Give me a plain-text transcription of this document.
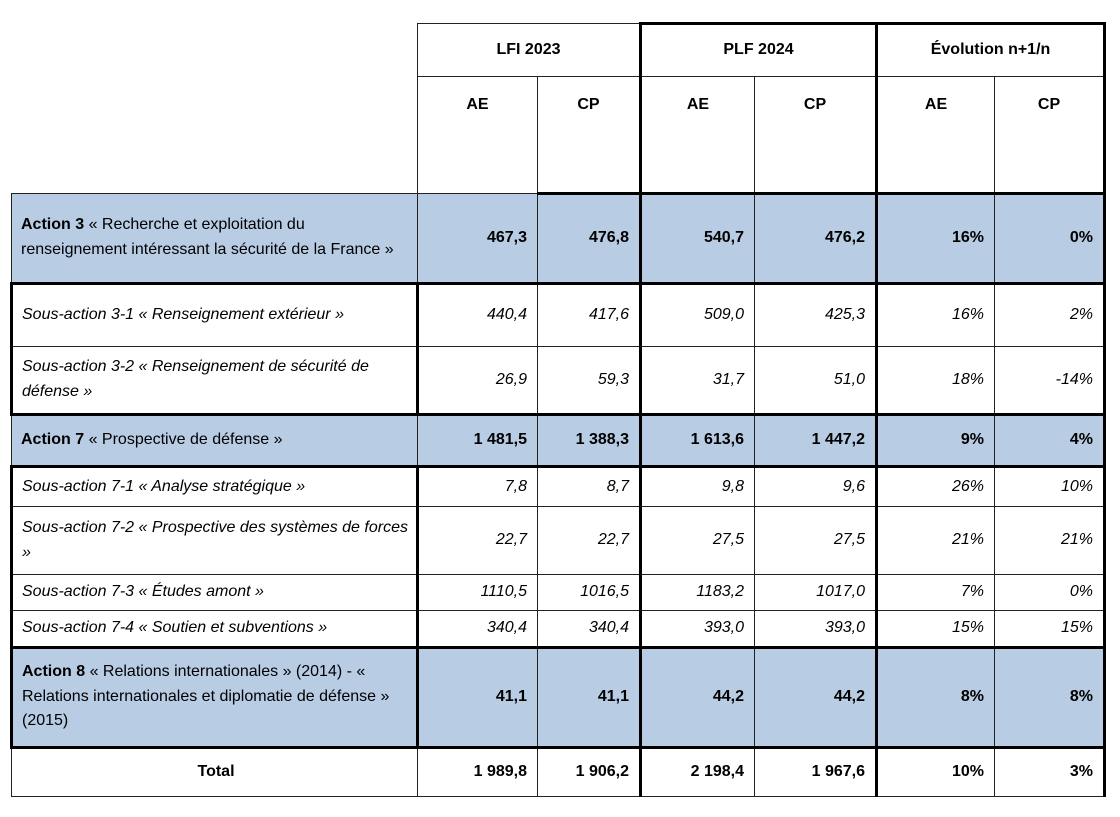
	LFI 2023		PLF 2024		Évolution n+1/n	
	AE	CP	AE	CP	AE	CP
Action 3 « Recherche et exploitation du renseignement intéressant la sécurité de la France »	467,3	476,8	540,7	476,2	16%	0%
Sous-action 3-1 « Renseignement extérieur »	440,4	417,6	509,0	425,3	16%	2%
Sous-action 3-2 « Renseignement de sécurité de défense »	26,9	59,3	31,7	51,0	18%	-14%
Action 7 « Prospective de défense »	1 481,5	1 388,3	1 613,6	1 447,2	9%	4%
Sous-action 7-1 « Analyse stratégique »	7,8	8,7	9,8	9,6	26%	10%
Sous-action 7-2 « Prospective des systèmes de forces »	22,7	22,7	27,5	27,5	21%	21%
Sous-action 7-3 « Études amont »	1110,5	1016,5	1183,2	1017,0	7%	0%
Sous-action 7-4 « Soutien et subventions »	340,4	340,4	393,0	393,0	15%	15%
Action 8 « Relations internationales » (2014) - « Relations internationales et diplomatie de défense » (2015)	41,1	41,1	44,2	44,2	8%	8%
Total	1 989,8	1 906,2	2 198,4	1 967,6	10%	3%
